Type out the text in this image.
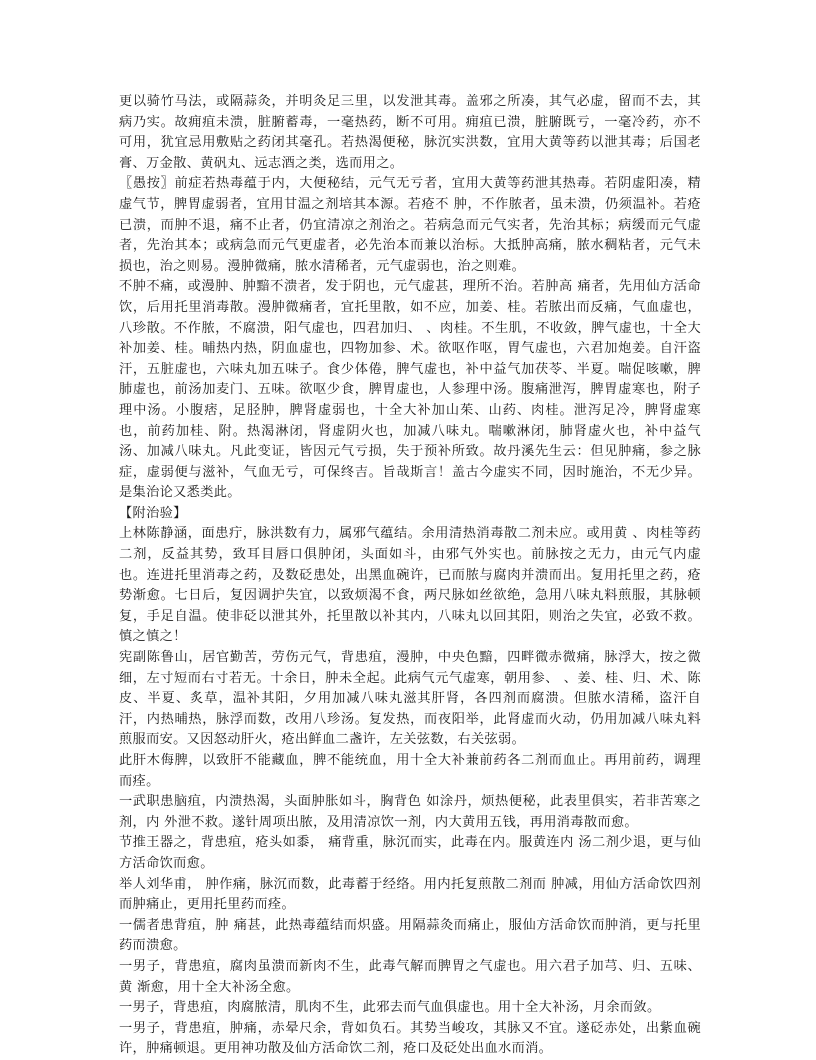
更以骑竹马法，或隔蒜灸，并明灸足三里，以发泄其毒。盖邪之所凑，其气必虚，留而不去，其病乃实。故痈疽未溃，脏腑蓄毒，一毫热药，断不可用。痈疽已溃，脏腑既亏，一毫冷药，亦不可用，犹宜忌用敷贴之药闭其毫孔。若热渴便秘，脉沉实洪数，宜用大黄等药以泄其毒；后国老膏、万金散、黄矾丸、远志酒之类，选而用之。

〖愚按〗前症若热毒蕴于内，大便秘结，元气无亏者，宜用大黄等药泄其热毒。若阴虚阳凑，精虚气节，脾胃虚弱者，宜用甘温之剂培其本源。若疮不 肿，不作脓者，虽未溃，仍须温补。若疮已溃，而肿不退，痛不止者，仍宜清凉之剂治之。若病急而元气实者，先治其标；病缓而元气虚者，先治其本；或病急而元气更虚者，必先治本而兼以治标。大抵肿高痛，脓水稠粘者，元气未损也，治之则易。漫肿微痛，脓水清稀者，元气虚弱也，治之则难。

不肿不痛，或漫肿、肿黯不溃者，发于阴也，元气虚甚，理所不治。若肿高 痛者，先用仙方活命饮，后用托里消毒散。漫肿微痛者，宜托里散，如不应，加姜、桂。若脓出而反痛，气血虚也，八珍散。不作脓，不腐溃，阳气虚也，四君加归、 、肉桂。不生肌，不收敛，脾气虚也，十全大补加姜、桂。晡热内热，阴血虚也，四物加参、术。欲呕作呕，胃气虚也，六君加炮姜。自汗盗汗，五脏虚也，六味丸加五味子。食少体倦，脾气虚也，补中益气加茯苓、半夏。喘促咳嗽，脾肺虚也，前汤加麦门、五味。欲呕少食，脾胃虚也，人参理中汤。腹痛泄泻，脾胃虚寒也，附子理中汤。小腹痞，足胫肿，脾肾虚弱也，十全大补加山茱、山药、肉桂。泄泻足冷，脾肾虚寒也，前药加桂、附。热渴淋闭，肾虚阴火也，加减八味丸。喘嗽淋闭，肺肾虚火也，补中益气汤、加减八味丸。凡此变证，皆因元气亏损，失于预补所致。故丹溪先生云：但见肿痛，参之脉症，虚弱便与滋补，气血无亏，可保终吉。旨哉斯言！盖古今虚实不同，因时施治，不无少异。是集治论又悉类此。

【附治验】

上林陈静涵，面患疔，脉洪数有力，属邪气蕴结。余用清热消毒散二剂未应。或用黄 、肉桂等药二剂，反益其势，致耳目唇口俱肿闭，头面如斗，由邪气外实也。前脉按之无力，由元气内虚也。连进托里消毒之药，及数砭患处，出黑血碗许，已而脓与腐肉并溃而出。复用托里之药，疮势渐愈。七日后，复因调护失宜，以致烦渴不食，两尺脉如丝欲绝，急用八味丸料煎服，其脉顿复，手足自温。使非砭以泄其外，托里散以补其内，八味丸以回其阳，则治之失宜，必致不救。慎之慎之！

宪副陈鲁山，居官勤苦，劳伤元气，背患疽，漫肿，中央色黯，四畔微赤微痛，脉浮大，按之微细，左寸短而右寸若无。十余日，肿未全起。此病气元气虚寒，朝用参、 、姜、桂、归、术、陈皮、半夏、炙草，温补其阳，夕用加减八味丸滋其肝肾，各四剂而腐溃。但脓水清稀，盗汗自汗，内热晡热，脉浮而数，改用八珍汤。复发热，而夜阳举，此肾虚而火动，仍用加减八味丸料煎服而安。又因怒动肝火，疮出鲜血二盏许，左关弦数，右关弦弱。

此肝木侮脾，以致肝不能藏血，脾不能统血，用十全大补兼前药各二剂而血止。再用前药，调理而痊。

一武职患脑疽，内溃热渴，头面肿胀如斗，胸背色 如涂丹，烦热便秘，此表里俱实，若非苦寒之剂，内 外泄不救。遂针周项出脓，及用清凉饮一剂，内大黄用五钱，再用消毒散而愈。

节推王器之，背患疽，疮头如黍， 痛背重，脉沉而实，此毒在内。服黄连内 汤二剂少退，更与仙方活命饮而愈。

举人刘华甫， 肿作痛，脉沉而数，此毒蓄于经络。用内托复煎散二剂而 肿减，用仙方活命饮四剂而肿痛止，更用托里药而痊。

一儒者患背疽，肿 痛甚，此热毒蕴结而炽盛。用隔蒜灸而痛止，服仙方活命饮而肿消，更与托里药而溃愈。

一男子，背患疽，腐肉虽溃而新肉不生，此毒气解而脾胃之气虚也。用六君子加芎、归、五味、黄 渐愈，用十全大补汤全愈。

一男子，背患疽，肉腐脓清，肌肉不生，此邪去而气血俱虚也。用十全大补汤，月余而敛。

一男子，背患疽，肿痛，赤晕尺余，背如负石。其势当峻攻，其脉又不宜。遂砭赤处，出紫血碗许，肿痛顿退。更用神功散及仙方活命饮二剂，疮口及砭处出血水而消。
